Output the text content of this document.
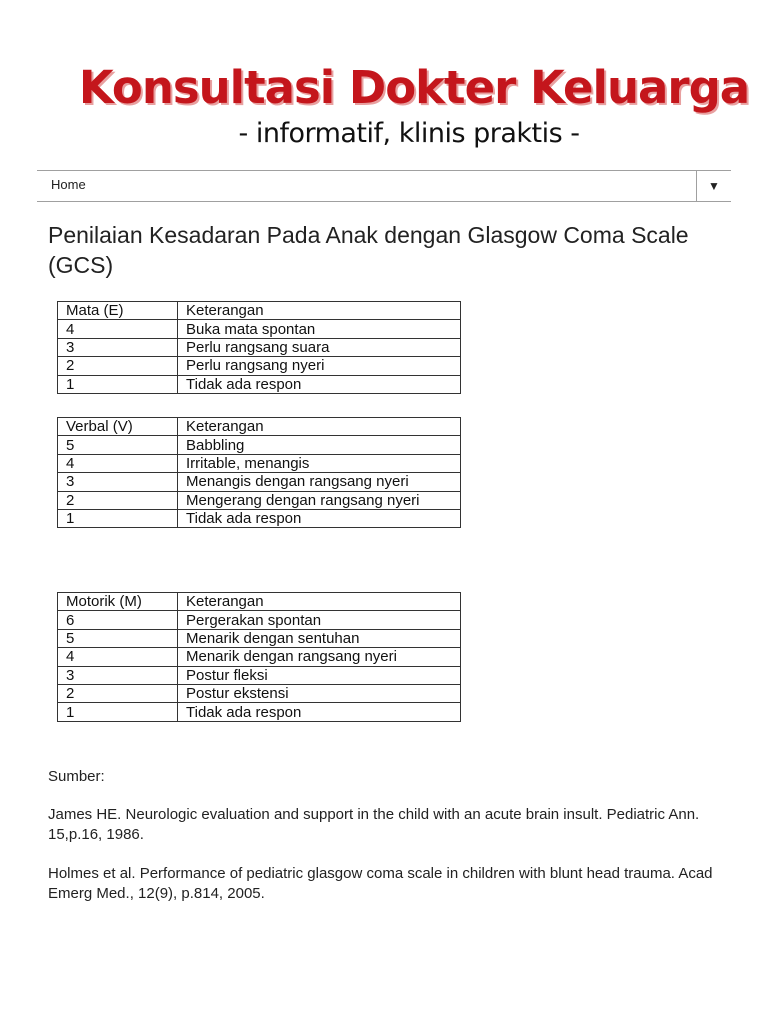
Konsultasi Dokter Keluarga
- informatif, klinis praktis -
Home	▼
Penilaian Kesadaran Pada Anak dengan Glasgow Coma Scale (GCS)
Mata (E)	Keterangan
4	Buka mata spontan
3	Perlu rangsang suara
2	Perlu rangsang nyeri
1	Tidak ada respon
Verbal (V)	Keterangan
5	Babbling
4	Irritable, menangis
3	Menangis dengan rangsang nyeri
2	Mengerang dengan rangsang nyeri
1	Tidak ada respon
Motorik (M)	Keterangan
6	Pergerakan spontan
5	Menarik dengan sentuhan
4	Menarik dengan rangsang nyeri
3	Postur fleksi
2	Postur ekstensi
1	Tidak ada respon

Sumber:

James HE. Neurologic evaluation and support in the child with an acute brain insult. Pediatric Ann. 15,p.16, 1986.

Holmes et al. Performance of pediatric glasgow coma scale in children with blunt head trauma. Acad Emerg Med., 12(9), p.814, 2005.
